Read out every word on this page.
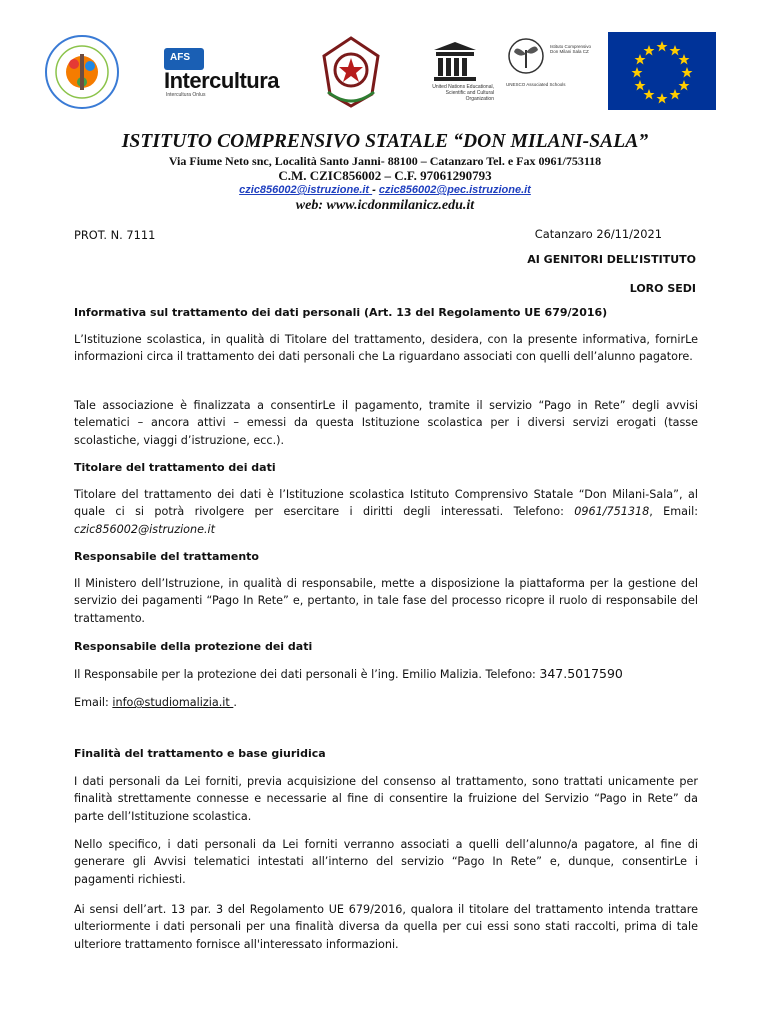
AFS
Intercultura
Intercultura Onlus
United Nations Educational, Scientific and Cultural Organization
Istituto Comprensivo Don Milani Sala CZ
UNESCO Associated Schools
ISTITUTO COMPRENSIVO STATALE “DON MILANI-SALA”
Via Fiume Neto snc, Località Santo Janni- 88100 – Catanzaro Tel. e Fax 0961/753118
C.M. CZIC856002 – C.F. 97061290793
czic856002@istruzione.it - czic856002@pec.istruzione.it
web: www.icdonmilanicz.edu.it
PROT. N. 7111	Catanzaro 26/11/2021
AI GENITORI DELL’ISTITUTO
LORO SEDI
Informativa sul trattamento dei dati personali (Art. 13 del Regolamento UE 679/2016)

L’Istituzione scolastica, in qualità di Titolare del trattamento, desidera, con la presente informativa, fornirLe informazioni circa il trattamento dei dati personali che La riguardano associati con quelli dell’alunno pagatore.

Tale associazione è finalizzata a consentirLe il pagamento, tramite il servizio “Pago in Rete” degli avvisi telematici – ancora attivi – emessi da questa Istituzione scolastica per i diversi servizi erogati (tasse scolastiche, viaggi d’istruzione, ecc.).

Titolare del trattamento dei dati

Titolare del trattamento dei dati è l’Istituzione scolastica Istituto Comprensivo Statale “Don Milani-Sala”, al quale ci si potrà rivolgere per esercitare i diritti degli interessati. Telefono: 0961/751318, Email: czic856002@istruzione.it

Responsabile del trattamento

Il Ministero dell’Istruzione, in qualità di responsabile, mette a disposizione la piattaforma per la gestione del servizio dei pagamenti “Pago In Rete” e, pertanto, in tale fase del processo ricopre il ruolo di responsabile del trattamento.

Responsabile della protezione dei dati

Il Responsabile per la protezione dei dati personali è l’ing. Emilio Malizia. Telefono: 347.5017590

Email: info@studiomalizia.it .

Finalità del trattamento e base giuridica

I dati personali da Lei forniti, previa acquisizione del consenso al trattamento, sono trattati unicamente per finalità strettamente connesse e necessarie al fine di consentire la fruizione del Servizio “Pago in Rete” da parte dell’Istituzione scolastica.

Nello specifico, i dati personali da Lei forniti verranno associati a quelli dell’alunno/a pagatore, al fine di generare gli Avvisi telematici intestati all’interno del servizio “Pago In Rete” e, dunque, consentirLe i pagamenti richiesti.

Ai sensi dell’art. 13 par. 3 del Regolamento UE 679/2016, qualora il titolare del trattamento intenda trattare ulteriormente i dati personali per una finalità diversa da quella per cui essi sono stati raccolti, prima di tale ulteriore trattamento fornisce all'interessato informazioni.
